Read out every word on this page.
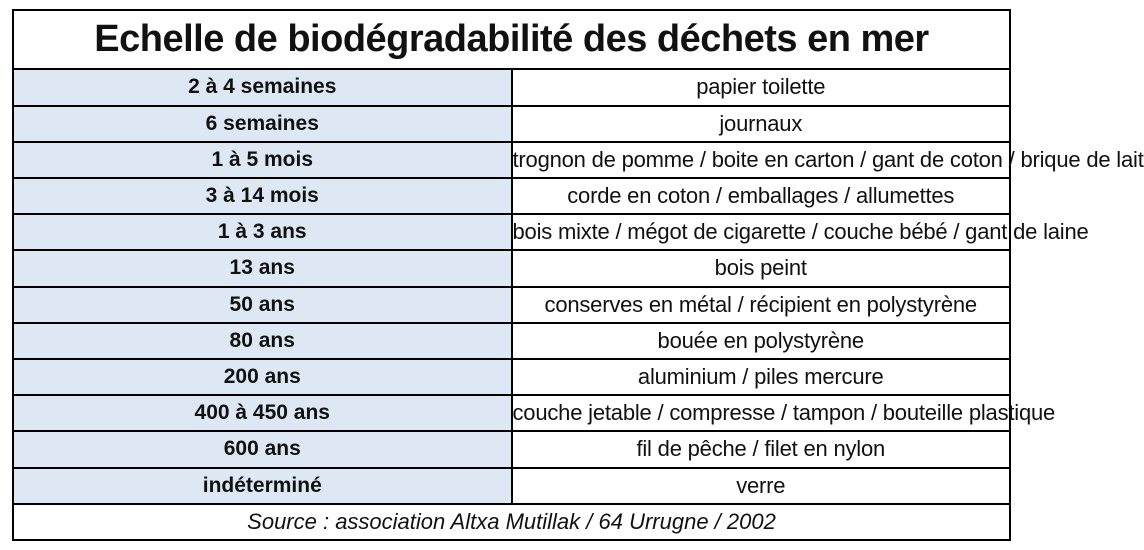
Echelle de biodégradabilité des déchets en mer	
2 à 4 semaines	papier toilette
6 semaines	journaux
1 à 5 mois	trognon de pomme / boite en carton / gant de coton / brique de lait
3 à 14 mois	corde en coton / emballages / allumettes
1 à 3 ans	bois mixte / mégot de cigarette / couche bébé / gant de laine
13 ans	bois peint
50 ans	conserves en métal / récipient en polystyrène
80 ans	bouée en polystyrène
200 ans	aluminium / piles mercure
400 à 450 ans	couche jetable / compresse / tampon / bouteille plastique
600 ans	fil de pêche / filet en nylon
indéterminé	verre
Source : association Altxa Mutillak / 64 Urrugne / 2002	
